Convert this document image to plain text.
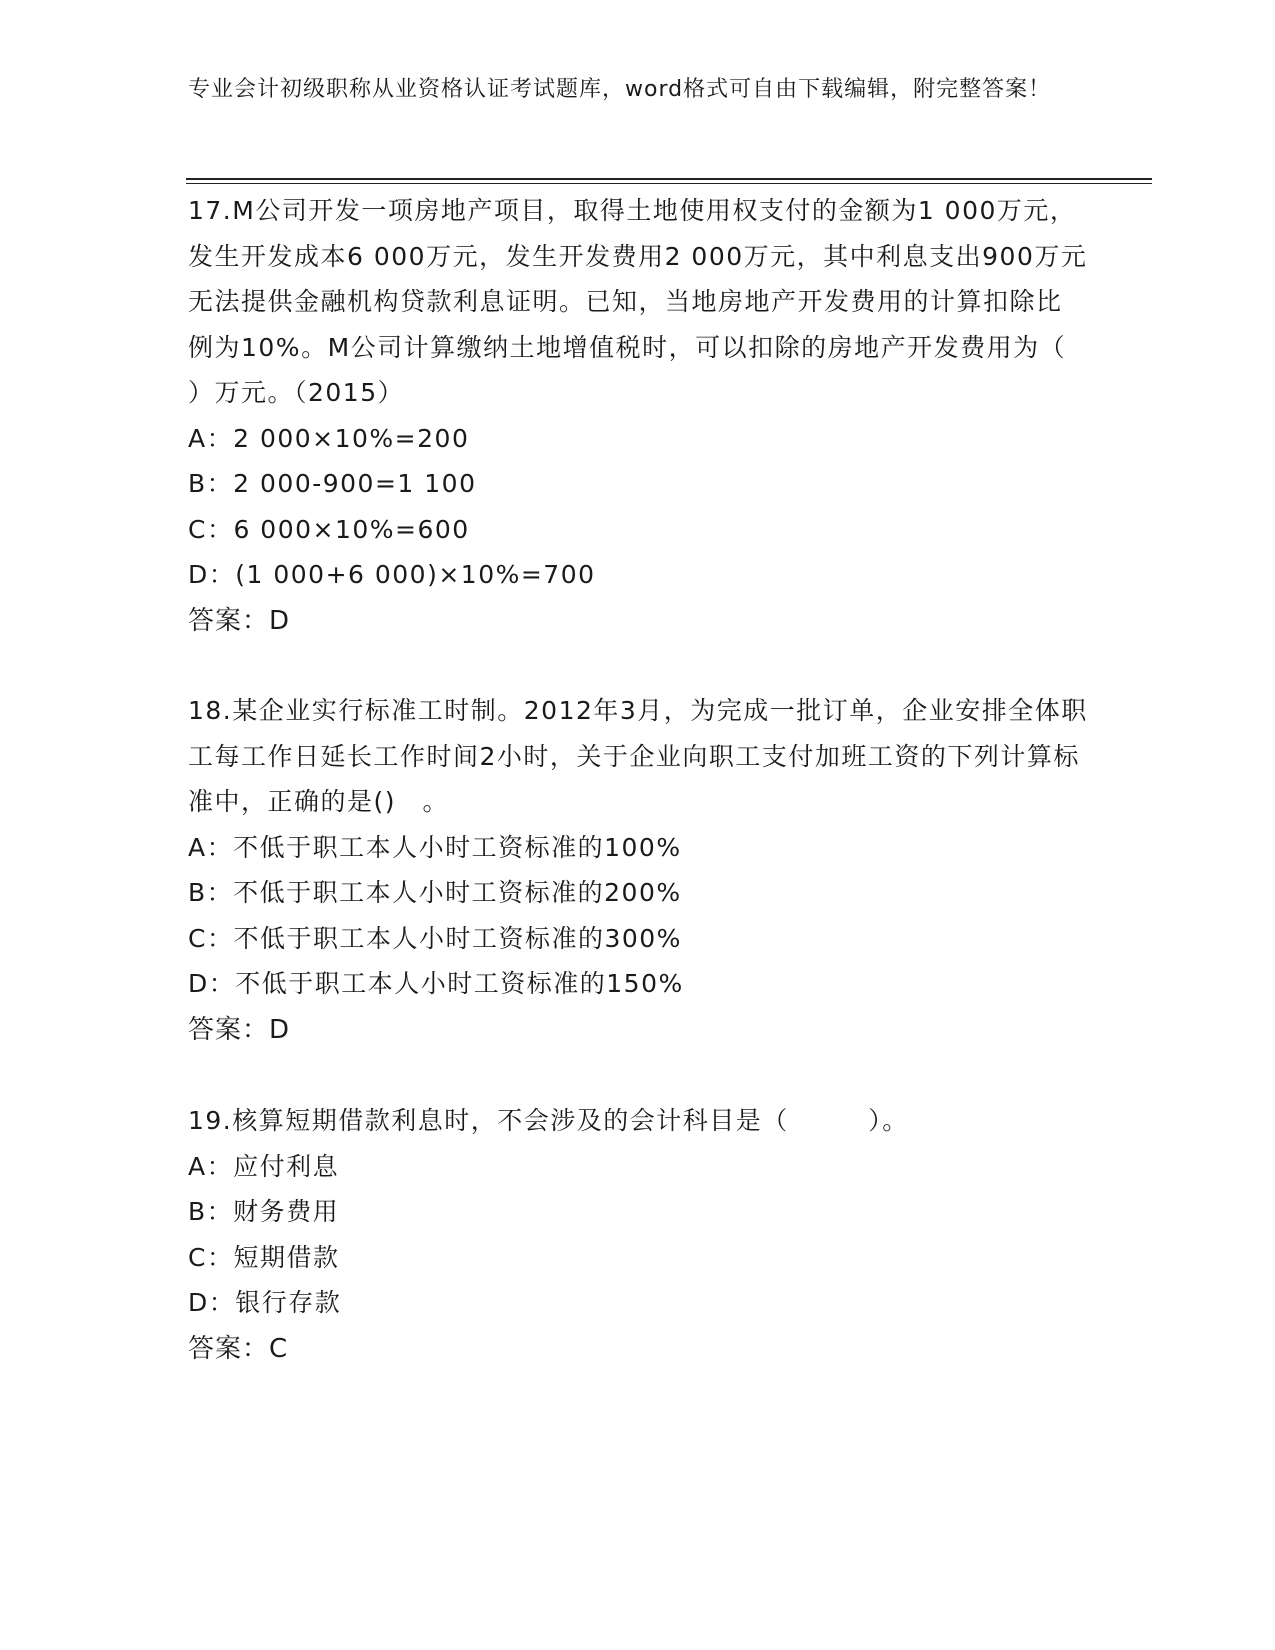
专业会计初级职称从业资格认证考试题库，word格式可自由下载编辑，附完整答案！

17.M公司开发一项房地产项目，取得土地使用权支付的金额为1 000万元，发生开发成本6 000万元，发生开发费用2 000万元，其中利息支出900万元无法提供金融机构贷款利息证明。已知，当地房地产开发费用的计算扣除比例为10%。M公司计算缴纳土地增值税时，可以扣除的房地产开发费用为（　 ）万元。（2015）

A：2 000×10%=200

B：2 000-900=1 100

C：6 000×10%=600

D：(1 000+6 000)×10%=700

答案：D

18.某企业实行标准工时制。2012年3月，为完成一批订单，企业安排全体职工每工作日延长工作时间2小时，关于企业向职工支付加班工资的下列计算标准中，正确的是()　。

A：不低于职工本人小时工资标准的100%

B：不低于职工本人小时工资标准的200%

C：不低于职工本人小时工资标准的300%

D：不低于职工本人小时工资标准的150%

答案：D

19.核算短期借款利息时，不会涉及的会计科目是（　　　）。

A：应付利息

B：财务费用

C：短期借款

D：银行存款

答案：C
